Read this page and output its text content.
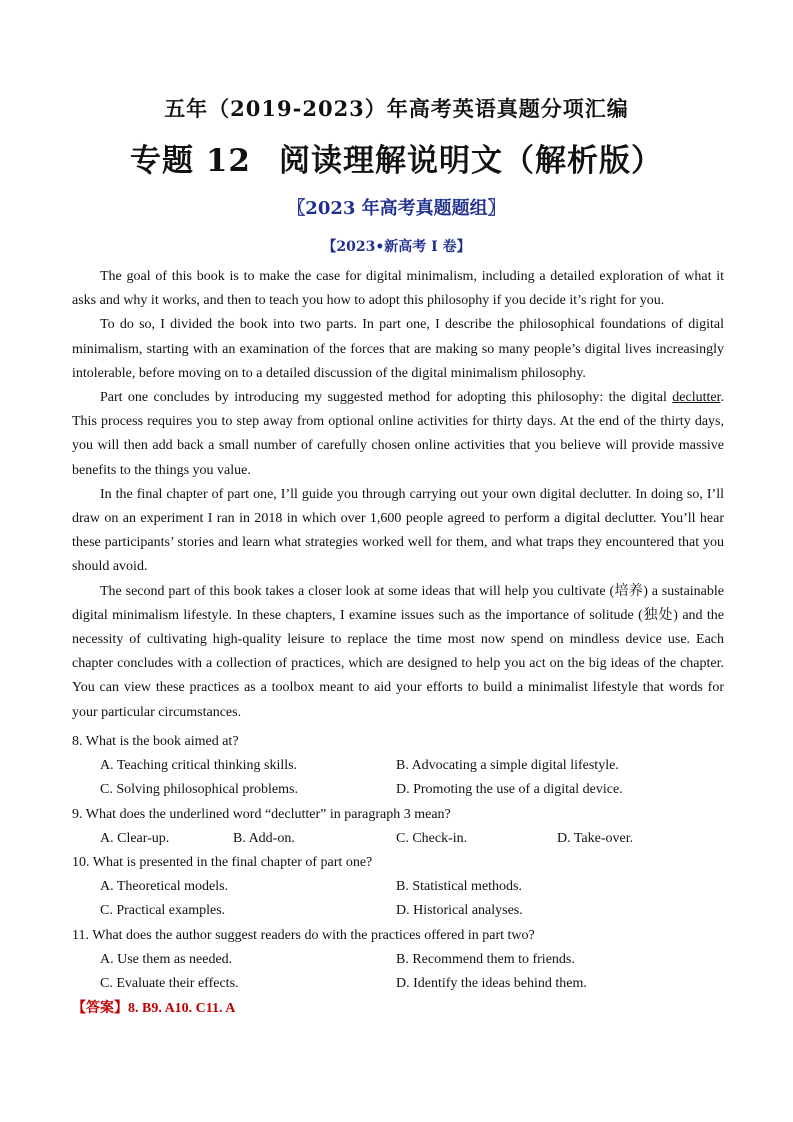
五年（2019-2023）年高考英语真题分项汇编
专题 12 阅读理解说明文（解析版）
〖2023 年高考真题题组〗
【2023•新高考 I 卷】

The goal of this book is to make the case for digital minimalism, including a detailed exploration of what it asks and why it works, and then to teach you how to adopt this philosophy if you decide it’s right for you.

To do so, I divided the book into two parts. In part one, I describe the philosophical foundations of digital minimalism, starting with an examination of the forces that are making so many people’s digital lives increasingly intolerable, before moving on to a detailed discussion of the digital minimalism philosophy.

Part one concludes by introducing my suggested method for adopting this philosophy: the digital declutter. This process requires you to step away from optional online activities for thirty days. At the end of the thirty days, you will then add back a small number of carefully chosen online activities that you believe will provide massive benefits to the things you value.

In the final chapter of part one, I’ll guide you through carrying out your own digital declutter. In doing so, I’ll draw on an experiment I ran in 2018 in which over 1,600 people agreed to perform a digital declutter. You’ll hear these participants’ stories and learn what strategies worked well for them, and what traps they encountered that you should avoid.

The second part of this book takes a closer look at some ideas that will help you cultivate (培养) a sustainable digital minimalism lifestyle. In these chapters, I examine issues such as the importance of solitude (独处) and the necessity of cultivating high-quality leisure to replace the time most now spend on mindless device use. Each chapter concludes with a collection of practices, which are designed to help you act on the big ideas of the chapter. You can view these practices as a toolbox meant to aid your efforts to build a minimalist lifestyle that words for your particular circumstances.

8. What is the book aimed at?
A. Teaching critical thinking skills.	B. Advocating a simple digital lifestyle.
C. Solving philosophical problems.	D. Promoting the use of a digital device.
9. What does the underlined word “declutter” in paragraph 3 mean?
A. Clear-up.	B. Add-on.	C. Check-in.	D. Take-over.
10. What is presented in the final chapter of part one?
A. Theoretical models.	B. Statistical methods.
C. Practical examples.	D. Historical analyses.
11. What does the author suggest readers do with the practices offered in part two?
A. Use them as needed.	B. Recommend them to friends.
C. Evaluate their effects.	D. Identify the ideas behind them.
【答案】8. B9. A10. C11. A
